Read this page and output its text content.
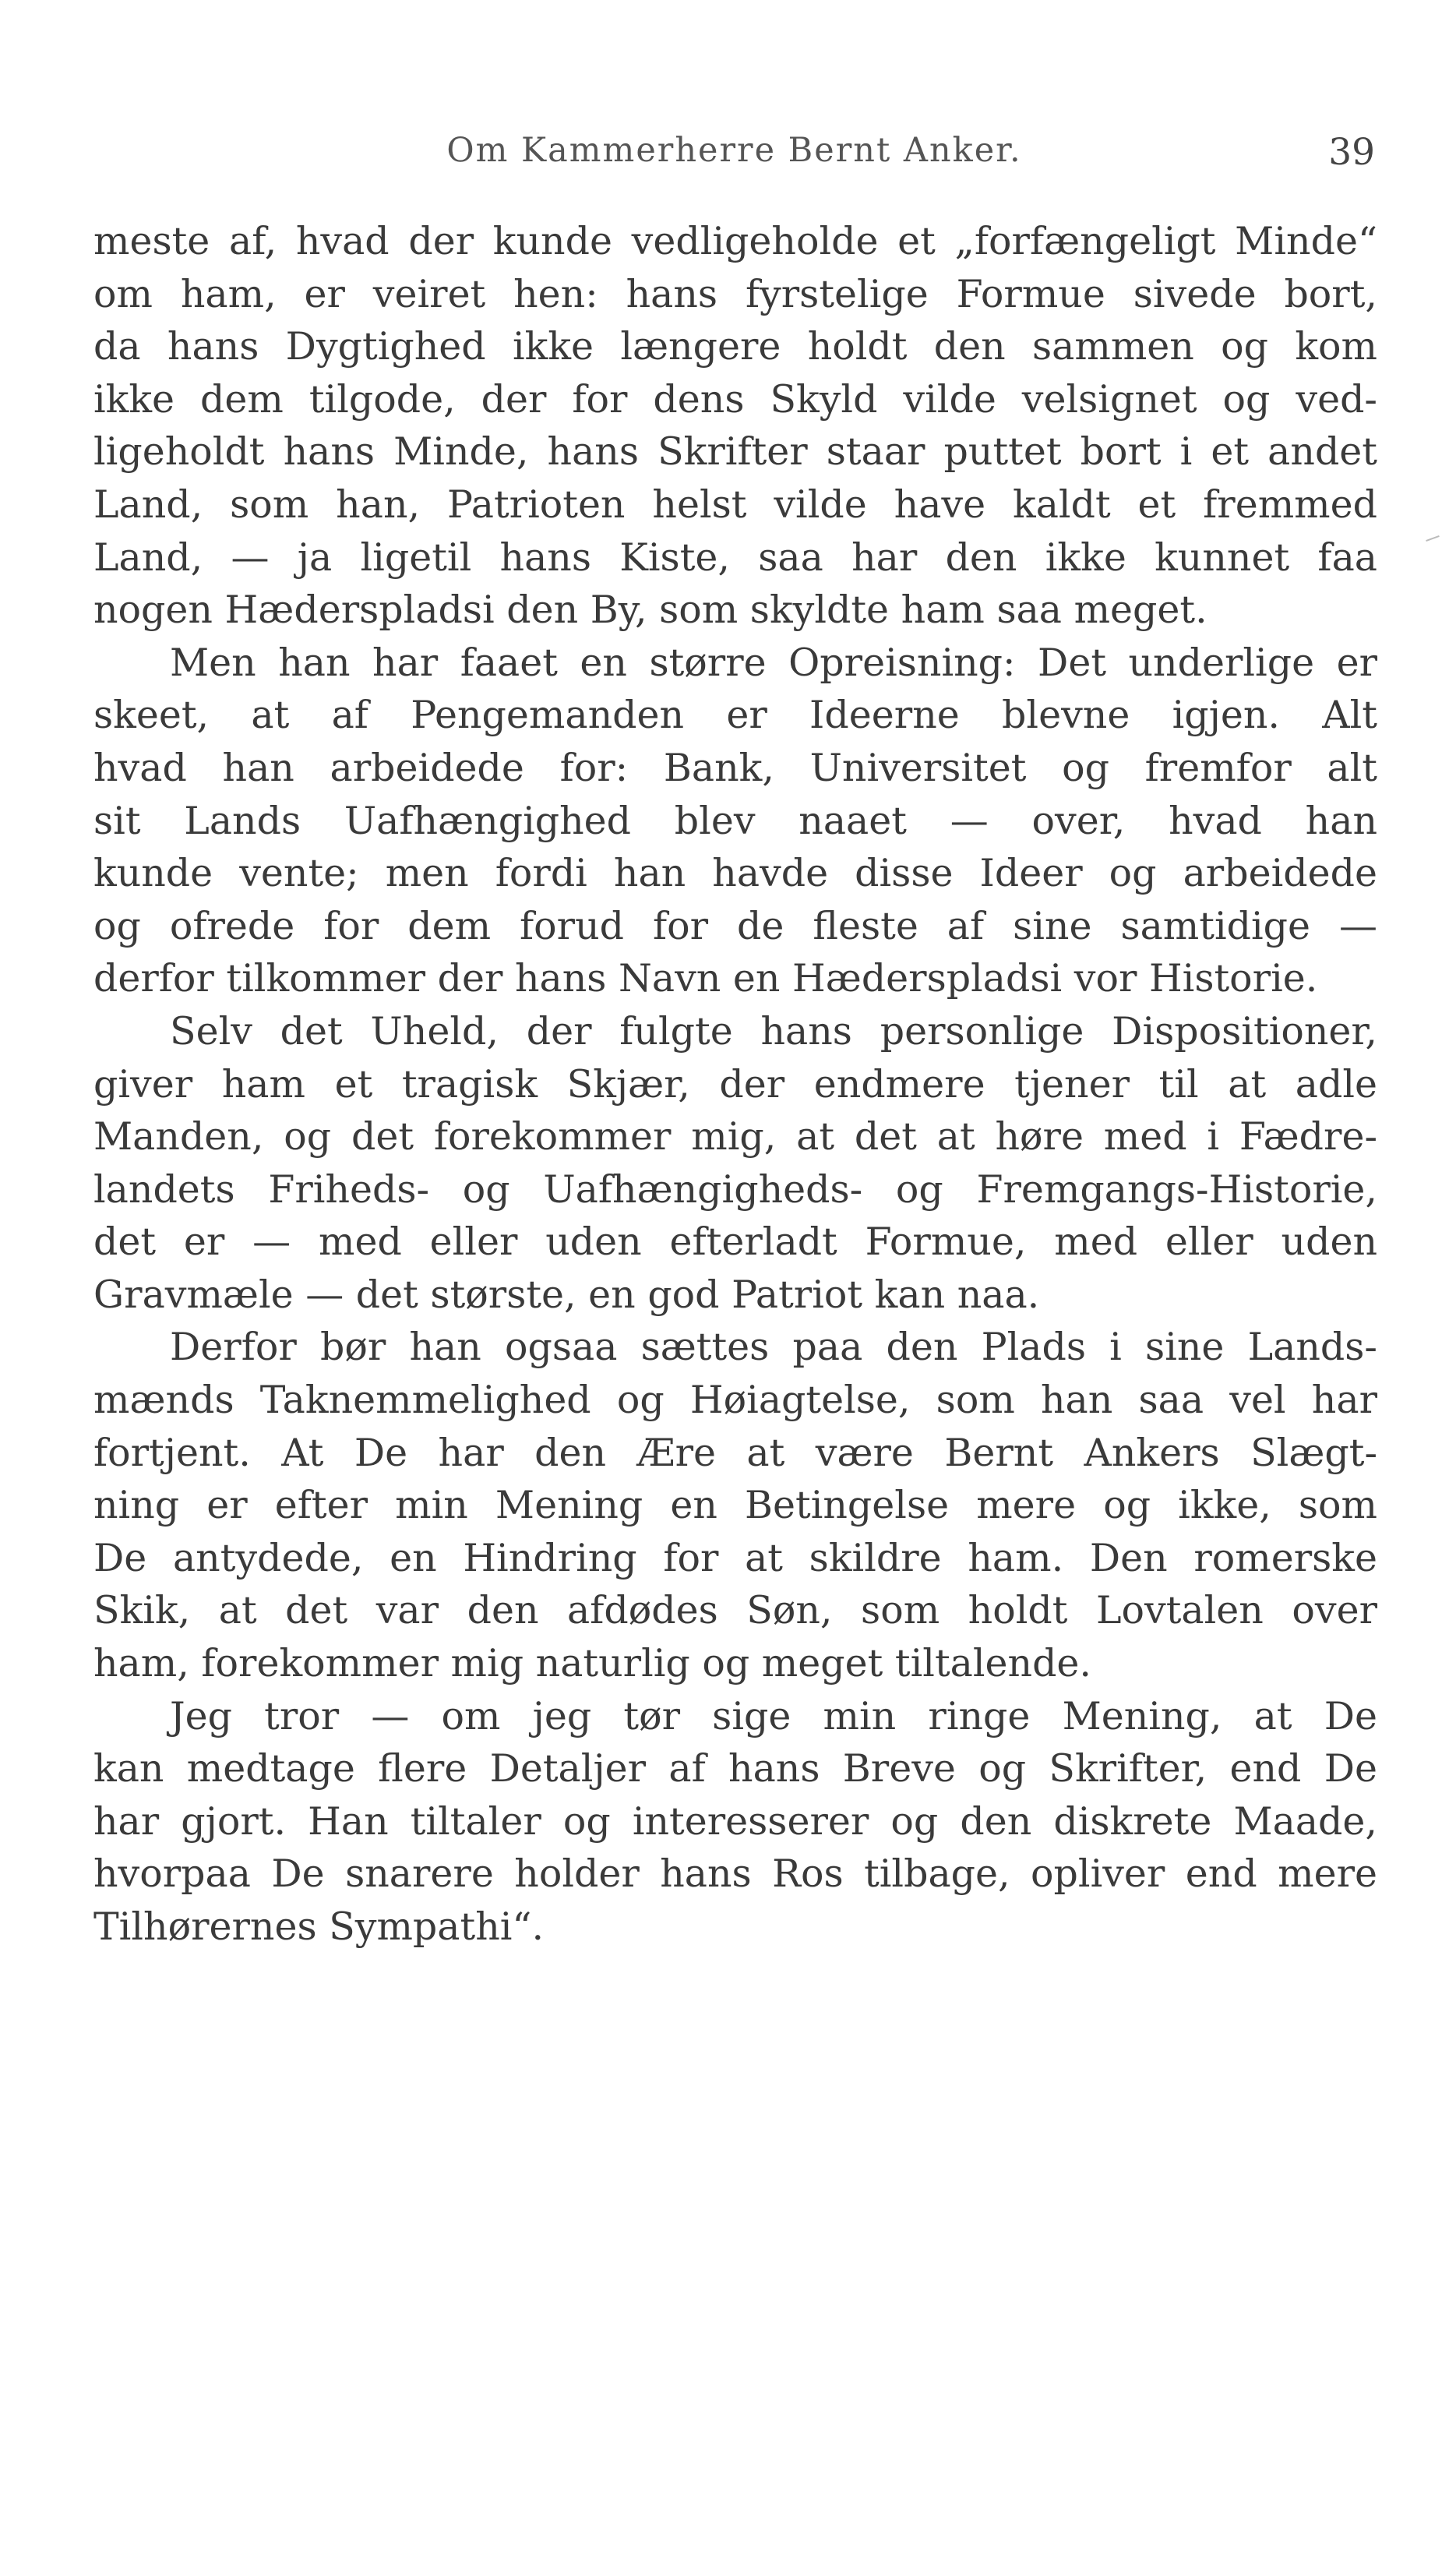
Om Kammerherre Bernt Anker.	39
meste af, hvad der kunde vedligeholde et „forfængeligt Minde“
om ham, er veiret hen: hans fyrstelige Formue sivede bort,
da hans Dygtighed ikke længere holdt den sammen og kom
ikke dem tilgode, der for dens Skyld vilde velsignet og ved-
ligeholdt hans Minde, hans Skrifter staar puttet bort i et andet
Land, som han, Patrioten helst vilde have kaldt et fremmed
Land, — ja ligetil hans Kiste, saa har den ikke kunnet faa
nogen Hæderspladsi den By, som skyldte ham saa meget.
Men han har faaet en større Opreisning: Det underlige er
skeet, at af Pengemanden er Ideerne blevne igjen. Alt
hvad han arbeidede for: Bank, Universitet og fremfor alt
sit Lands Uafhængighed blev naaet — over, hvad han
kunde vente; men fordi han havde disse Ideer og arbeidede
og ofrede for dem forud for de fleste af sine samtidige —
derfor tilkommer der hans Navn en Hæderspladsi vor Historie.
Selv det Uheld, der fulgte hans personlige Dispositioner,
giver ham et tragisk Skjær, der endmere tjener til at adle
Manden, og det forekommer mig, at det at høre med i Fædre-
landets Friheds- og Uafhængigheds- og Fremgangs-Historie,
det er — med eller uden efterladt Formue, med eller uden
Gravmæle — det største, en god Patriot kan naa.
Derfor bør han ogsaa sættes paa den Plads i sine Lands-
mænds Taknemmelighed og Høiagtelse, som han saa vel har
fortjent. At De har den Ære at være Bernt Ankers Slægt-
ning er efter min Mening en Betingelse mere og ikke, som
De antydede, en Hindring for at skildre ham. Den romerske
Skik, at det var den afdødes Søn, som holdt Lovtalen over
ham, forekommer mig naturlig og meget tiltalende.
Jeg tror — om jeg tør sige min ringe Mening, at De
kan medtage flere Detaljer af hans Breve og Skrifter, end De
har gjort. Han tiltaler og interesserer og den diskrete Maade,
hvorpaa De snarere holder hans Ros tilbage, opliver end mere
Tilhørernes Sympathi“.
